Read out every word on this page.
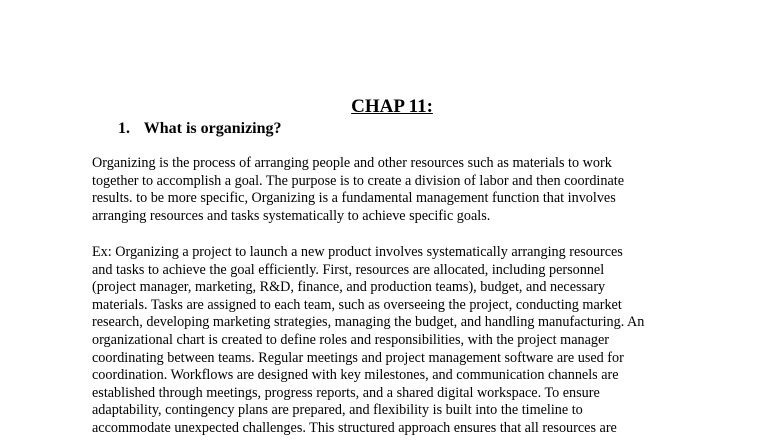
CHAP 11:
1. What is organizing?
Organizing is the process of arranging people and other resources such as materials to work
together to accomplish a goal. The purpose is to create a division of labor and then coordinate
results. to be more specific, Organizing is a fundamental management function that involves
arranging resources and tasks systematically to achieve specific goals.
Ex: Organizing a project to launch a new product involves systematically arranging resources
and tasks to achieve the goal efficiently. First, resources are allocated, including personnel
(project manager, marketing, R&D, finance, and production teams), budget, and necessary
materials. Tasks are assigned to each team, such as overseeing the project, conducting market
research, developing marketing strategies, managing the budget, and handling manufacturing. An
organizational chart is created to define roles and responsibilities, with the project manager
coordinating between teams. Regular meetings and project management software are used for
coordination. Workflows are designed with key milestones, and communication channels are
established through meetings, progress reports, and a shared digital workspace. To ensure
adaptability, contingency plans are prepared, and flexibility is built into the timeline to
accommodate unexpected challenges. This structured approach ensures that all resources are
